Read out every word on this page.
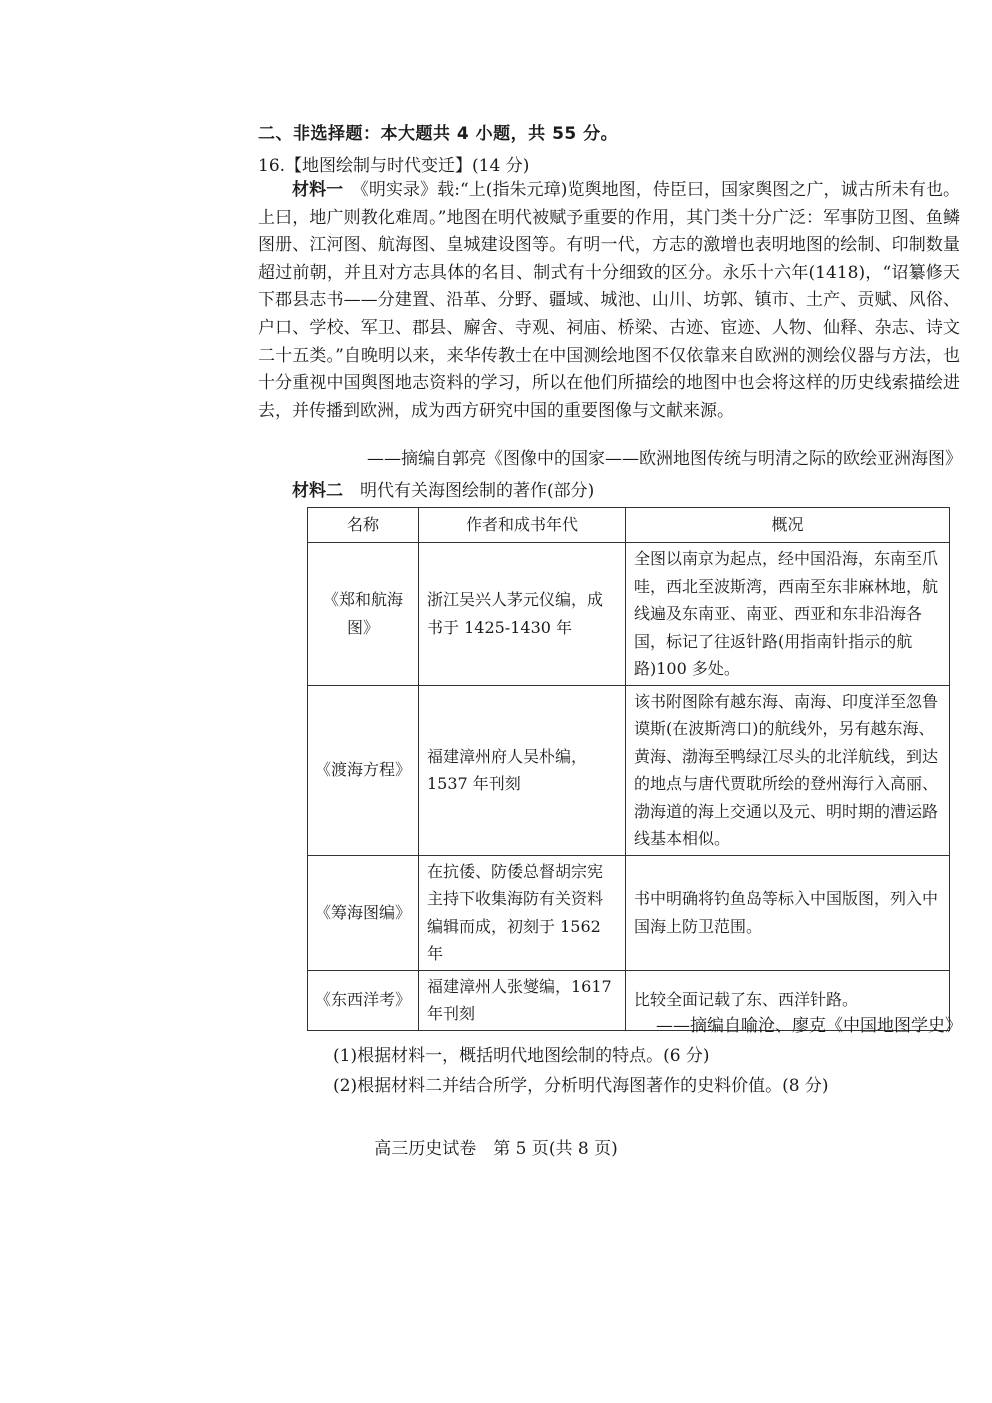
二、非选择题：本大题共 4 小题，共 55 分。
16.【地图绘制与时代变迁】(14 分)

材料一　 《明实录》载:“上(指朱元璋)览舆地图，侍臣曰，国家舆图之广，诚古所未有也。上曰，地广则教化难周。”地图在明代被赋予重要的作用，其门类十分广泛：军事防卫图、鱼鳞图册、江河图、航海图、皇城建设图等。有明一代，方志的激增也表明地图的绘制、印制数量超过前朝，并且对方志具体的名目、制式有十分细致的区分。永乐十六年(1418)，“诏纂修天下郡县志书——分建置、沿革、分野、疆域、城池、山川、坊郭、镇市、土产、贡赋、风俗、户口、学校、军卫、郡县、廨舍、寺观、祠庙、桥梁、古迹、宦迹、人物、仙释、杂志、诗文二十五类。”自晚明以来，来华传教士在中国测绘地图不仅依靠来自欧洲的测绘仪器与方法，也十分重视中国舆图地志资料的学习，所以在他们所描绘的地图中也会将这样的历史线索描绘进去，并传播到欧洲，成为西方研究中国的重要图像与文献来源。

——摘编自郭亮《图像中的国家——欧洲地图传统与明清之际的欧绘亚洲海图》
材料二　 明代有关海图绘制的著作(部分)
名称	作者和成书年代	概况
《郑和航海图》	浙江吴兴人茅元仪编，成书于 1425-1430 年	全图以南京为起点，经中国沿海，东南至爪哇，西北至波斯湾，西南至东非麻林地，航线遍及东南亚、南亚、西亚和东非沿海各国，标记了往返针路(用指南针指示的航路)100 多处。
《渡海方程》	福建漳州府人吴朴编，1537 年刊刻	该书附图除有越东海、南海、印度洋至忽鲁谟斯(在波斯湾口)的航线外，另有越东海、黄海、渤海至鸭绿江尽头的北洋航线，到达的地点与唐代贾耽所绘的登州海行入高丽、渤海道的海上交通以及元、明时期的漕运路线基本相似。
《筹海图编》	在抗倭、防倭总督胡宗宪主持下收集海防有关资料编辑而成，初刻于 1562 年	书中明确将钓鱼岛等标入中国版图，列入中国海上防卫范围。
《东西洋考》	福建漳州人张燮编，1617 年刊刻	比较全面记载了东、西洋针路。
——摘编自喻沧、廖克《中国地图学史》
(1)根据材料一，概括明代地图绘制的特点。(6 分)
(2)根据材料二并结合所学，分析明代海图著作的史料价值。(8 分)
高三历史试卷　第 5 页(共 8 页)
